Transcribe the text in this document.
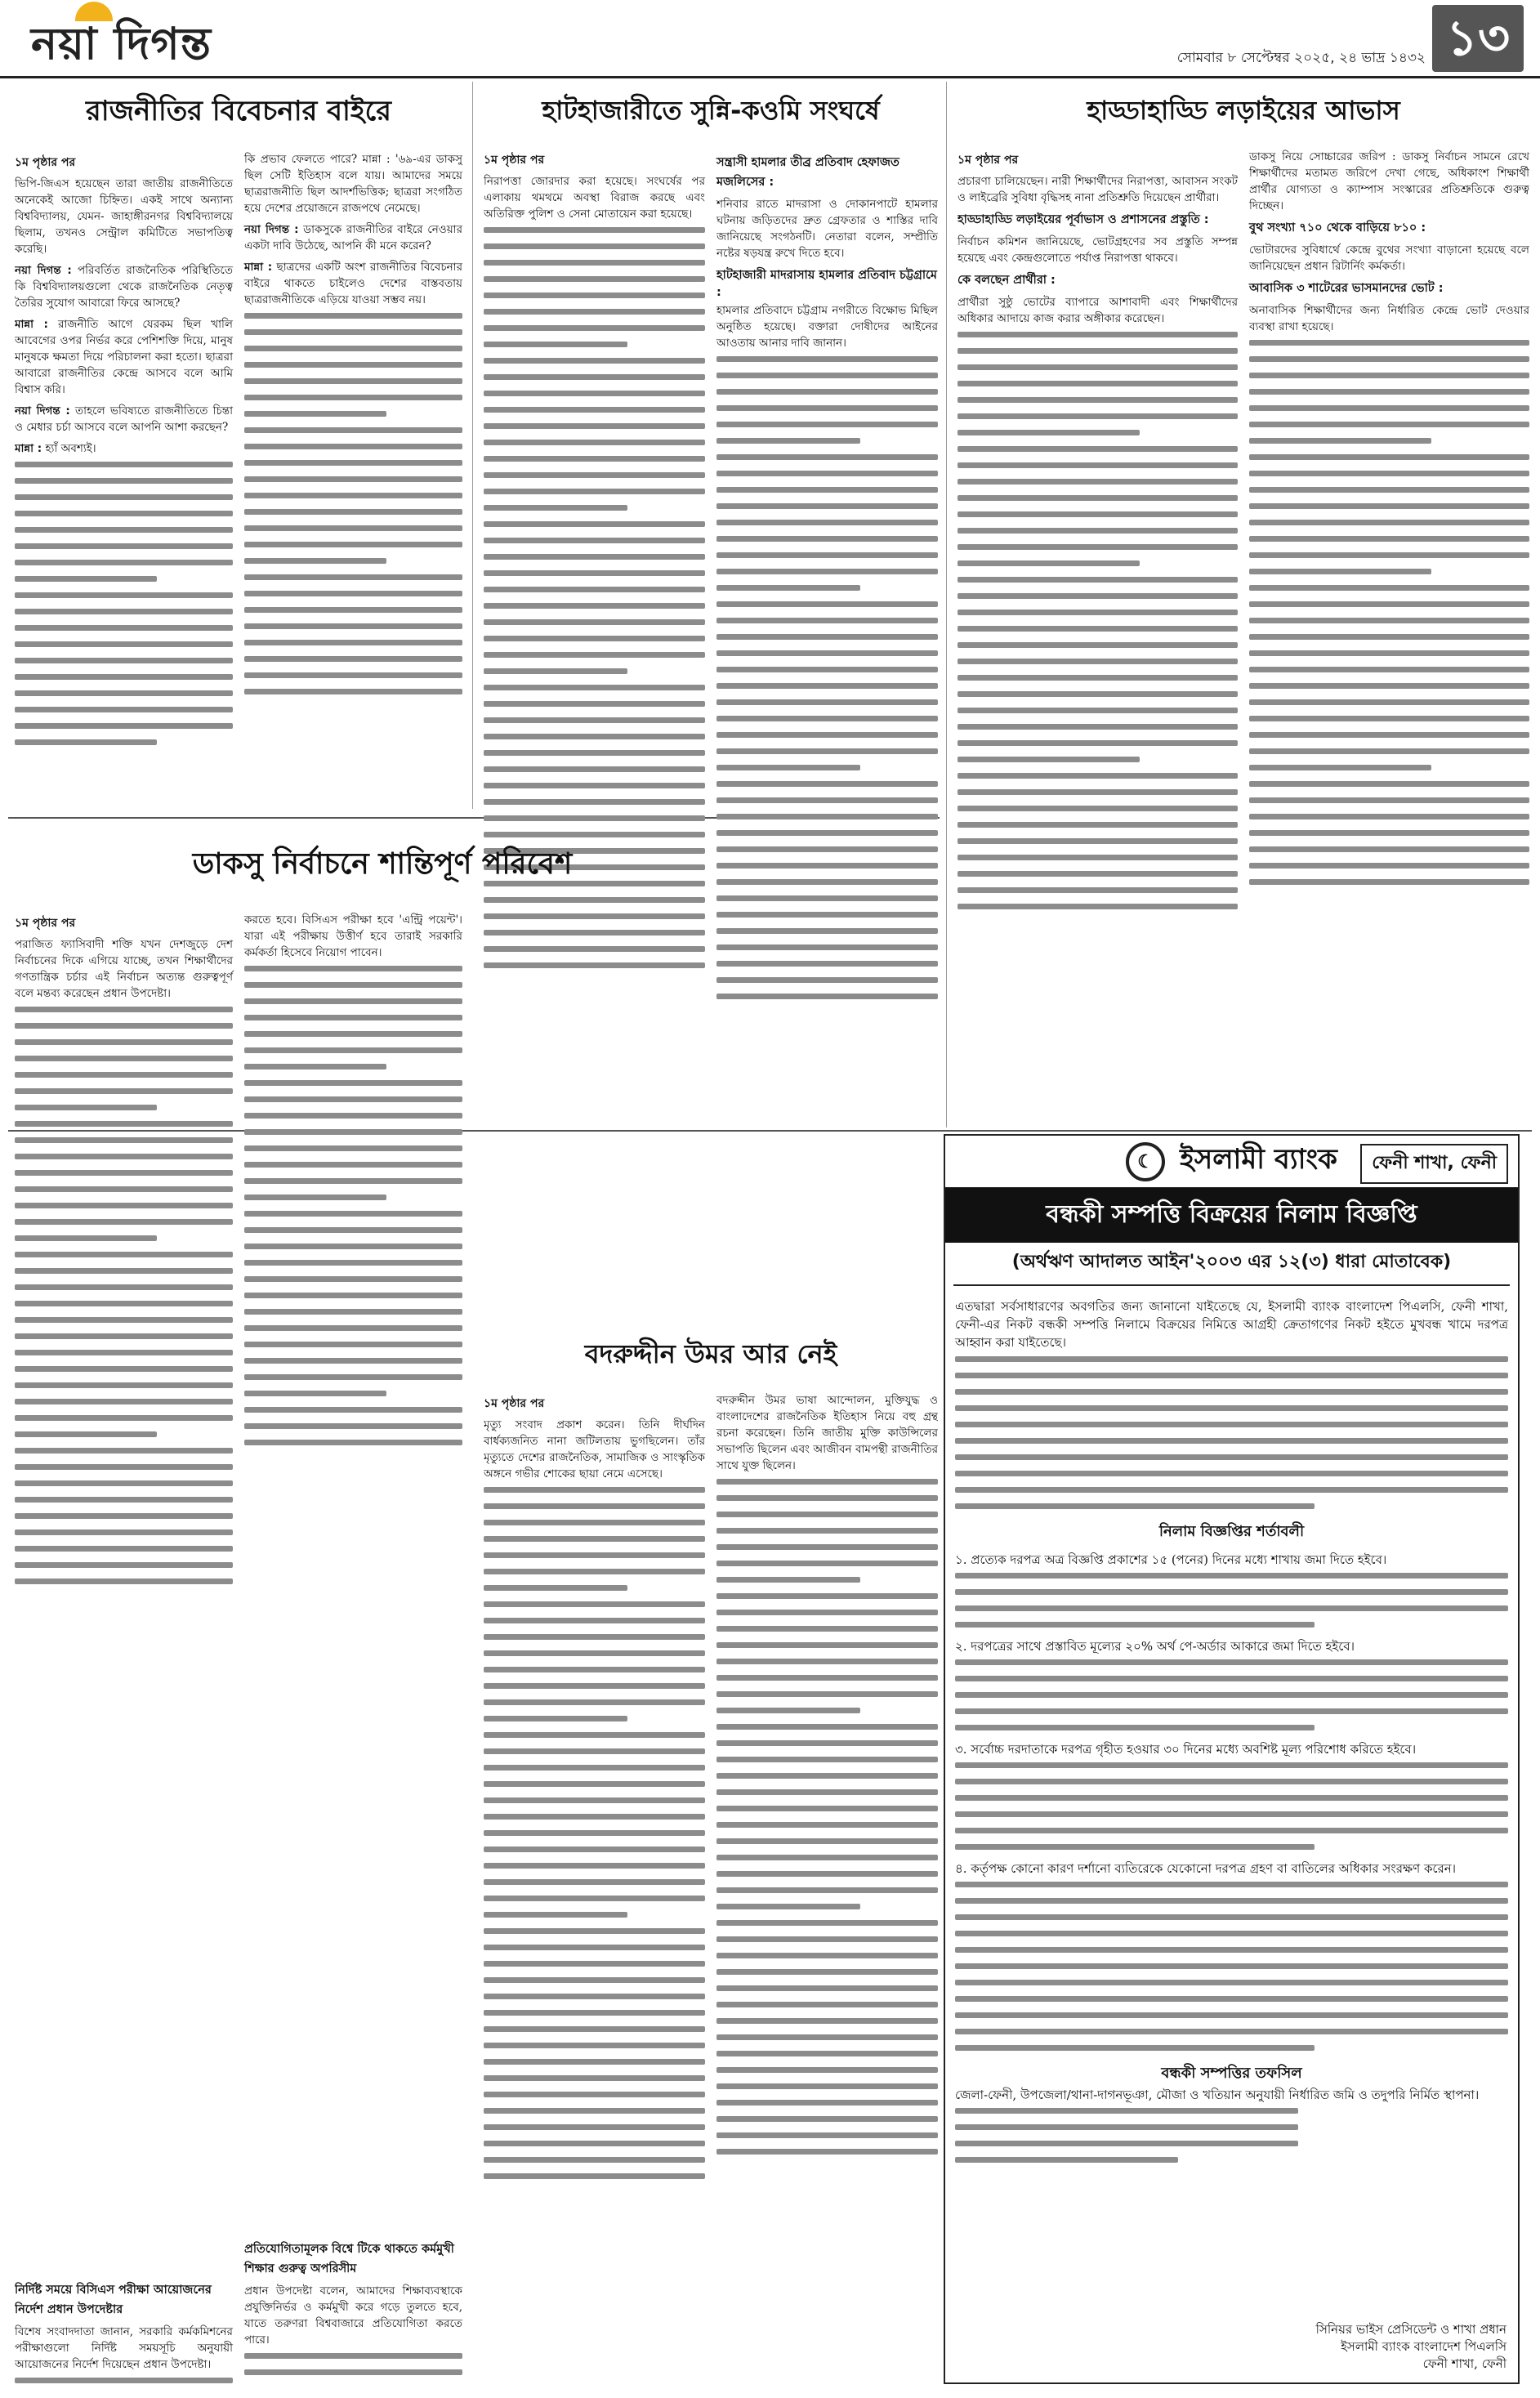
নয়া দিগন্ত	সোমবার ৮ সেপ্টেম্বর ২০২৫, ২৪ ভাদ্র ১৪৩২ ১৩
রাজনীতির বিবেচনার বাইরে
১ম পৃষ্ঠার পর

ভিপি-জিএস হয়েছেন তারা জাতীয় রাজনীতিতে অনেকেই আজো চিহ্নিত। একই সাথে অন্যান্য বিশ্ববিদ্যালয়, যেমন- জাহাঙ্গীরনগর বিশ্ববিদ্যালয়ে ছিলাম, তখনও সেন্ট্রাল কমিটিতে সভাপতিত্ব করেছি।

নয়া দিগন্ত : পরিবর্তিত রাজনৈতিক পরিস্থিতিতে কি বিশ্ববিদ্যালয়গুলো থেকে রাজনৈতিক নেতৃত্ব তৈরির সুযোগ আবারো ফিরে আসছে?

মান্না : রাজনীতি আগে যেরকম ছিল খালি আবেগের ওপর নির্ভর করে পেশিশক্তি দিয়ে, মানুষ মানুষকে ক্ষমতা দিয়ে পরিচালনা করা হতো। ছাত্ররা আবারো রাজনীতির কেন্দ্রে আসবে বলে আমি বিশ্বাস করি।

নয়া দিগন্ত : তাহলে ভবিষ্যতে রাজনীতিতে চিন্তা ও মেধার চর্চা আসবে বলে আপনি আশা করছেন?

মান্না : হ্যাঁ অবশ্যই।

কি প্রভাব ফেলতে পারে? মান্না : '৬৯-এর ডাকসু ছিল সেটি ইতিহাস বলে যায়। আমাদের সময়ে ছাত্ররাজনীতি ছিল আদর্শভিত্তিক; ছাত্ররা সংগঠিত হয়ে দেশের প্রয়োজনে রাজপথে নেমেছে।

নয়া দিগন্ত : ডাকসুকে রাজনীতির বাইরে নেওয়ার একটা দাবি উঠেছে, আপনি কী মনে করেন?

মান্না : ছাত্রদের একটি অংশ রাজনীতির বিবেচনার বাইরে থাকতে চাইলেও দেশের বাস্তবতায় ছাত্ররাজনীতিকে এড়িয়ে যাওয়া সম্ভব নয়।

হাটহাজারীতে সুন্নি-কওমি সংঘর্ষে
১ম পৃষ্ঠার পর

নিরাপত্তা জোরদার করা হয়েছে। সংঘর্ষের পর এলাকায় থমথমে অবস্থা বিরাজ করছে এবং অতিরিক্ত পুলিশ ও সেনা মোতায়েন করা হয়েছে।

সন্ত্রাসী হামলার তীব্র প্রতিবাদ হেফাজত মজলিসের :

শনিবার রাতে মাদরাসা ও দোকানপাটে হামলার ঘটনায় জড়িতদের দ্রুত গ্রেফতার ও শাস্তির দাবি জানিয়েছে সংগঠনটি। নেতারা বলেন, সম্প্রীতি নষ্টের ষড়যন্ত্র রুখে দিতে হবে।

হাটহাজারী মাদরাসায় হামলার প্রতিবাদ চট্টগ্রামে :

হামলার প্রতিবাদে চট্টগ্রাম নগরীতে বিক্ষোভ মিছিল অনুষ্ঠিত হয়েছে। বক্তারা দোষীদের আইনের আওতায় আনার দাবি জানান।

হাড্ডাহাড্ডি লড়াইয়ের আভাস
১ম পৃষ্ঠার পর

প্রচারণা চালিয়েছেন। নারী শিক্ষার্থীদের নিরাপত্তা, আবাসন সংকট ও লাইব্রেরি সুবিধা বৃদ্ধিসহ নানা প্রতিশ্রুতি দিয়েছেন প্রার্থীরা।

হাড্ডাহাড্ডি লড়াইয়ের পূর্বাভাস ও প্রশাসনের প্রস্তুতি :

নির্বাচন কমিশন জানিয়েছে, ভোটগ্রহণের সব প্রস্তুতি সম্পন্ন হয়েছে এবং কেন্দ্রগুলোতে পর্যাপ্ত নিরাপত্তা থাকবে।

কে বলছেন প্রার্থীরা :

প্রার্থীরা সুষ্ঠু ভোটের ব্যাপারে আশাবাদী এবং শিক্ষার্থীদের অধিকার আদায়ে কাজ করার অঙ্গীকার করেছেন।

ডাকসু নিয়ে সোচ্চারের জরিপ : ডাকসু নির্বাচন সামনে রেখে শিক্ষার্থীদের মতামত জরিপে দেখা গেছে, অধিকাংশ শিক্ষার্থী প্রার্থীর যোগ্যতা ও ক্যাম্পাস সংস্কারের প্রতিশ্রুতিকে গুরুত্ব দিচ্ছেন।

বুথ সংখ্যা ৭১০ থেকে বাড়িয়ে ৮১০ :

ভোটারদের সুবিধার্থে কেন্দ্রে বুথের সংখ্যা বাড়ানো হয়েছে বলে জানিয়েছেন প্রধান রিটার্নিং কর্মকর্তা।

আবাসিক ৩ শাটেরের ভাসমানদের ভোট :

অনাবাসিক শিক্ষার্থীদের জন্য নির্ধারিত কেন্দ্রে ভোট দেওয়ার ব্যবস্থা রাখা হয়েছে।

ডাকসু নির্বাচনে শান্তিপূর্ণ পরিবেশ
১ম পৃষ্ঠার পর

পরাজিত ফ্যাসিবাদী শক্তি যখন দেশজুড়ে দেশ নির্বাচনের দিকে এগিয়ে যাচ্ছে, তখন শিক্ষার্থীদের গণতান্ত্রিক চর্চার এই নির্বাচন অত্যন্ত গুরুত্বপূর্ণ বলে মন্তব্য করেছেন প্রধান উপদেষ্টা।

নির্দিষ্ট সময়ে বিসিএস পরীক্ষা আয়োজনের নির্দেশ প্রধান উপদেষ্টার

বিশেষ সংবাদদাতা জানান, সরকারি কর্মকমিশনের পরীক্ষাগুলো নির্দিষ্ট সময়সূচি অনুযায়ী আয়োজনের নির্দেশ দিয়েছেন প্রধান উপদেষ্টা।

করতে হবে। বিসিএস পরীক্ষা হবে 'এন্ট্রি পয়েন্ট'। যারা এই পরীক্ষায় উত্তীর্ণ হবে তারাই সরকারি কর্মকর্তা হিসেবে নিয়োগ পাবেন।

প্রতিযোগিতামূলক বিশ্বে টিকে থাকতে কর্মমুখী শিক্ষার গুরুত্ব অপরিসীম

প্রধান উপদেষ্টা বলেন, আমাদের শিক্ষাব্যবস্থাকে প্রযুক্তিনির্ভর ও কর্মমুখী করে গড়ে তুলতে হবে, যাতে তরুণরা বিশ্ববাজারে প্রতিযোগিতা করতে পারে।

বদরুদ্দীন উমর আর নেই
১ম পৃষ্ঠার পর

মৃত্যু সংবাদ প্রকাশ করেন। তিনি দীর্ঘদিন বার্ধক্যজনিত নানা জটিলতায় ভুগছিলেন। তাঁর মৃত্যুতে দেশের রাজনৈতিক, সামাজিক ও সাংস্কৃতিক অঙ্গনে গভীর শোকের ছায়া নেমে এসেছে।

বদরুদ্দীন উমর ভাষা আন্দোলন, মুক্তিযুদ্ধ ও বাংলাদেশের রাজনৈতিক ইতিহাস নিয়ে বহু গ্রন্থ রচনা করেছেন। তিনি জাতীয় মুক্তি কাউন্সিলের সভাপতি ছিলেন এবং আজীবন বামপন্থী রাজনীতির সাথে যুক্ত ছিলেন।

☾ ইসলামী ব্যাংক	ফেনী শাখা, ফেনী
বন্ধকী সম্পত্তি বিক্রয়ের নিলাম বিজ্ঞপ্তি
(অর্থঋণ আদালত আইন'২০০৩ এর ১২(৩) ধারা মোতাবেক)

এতদ্বারা সর্বসাধারণের অবগতির জন্য জানানো যাইতেছে যে, ইসলামী ব্যাংক বাংলাদেশ পিএলসি, ফেনী শাখা, ফেনী-এর নিকট বন্ধকী সম্পত্তি নিলামে বিক্রয়ের নিমিত্তে আগ্রহী ক্রেতাগণের নিকট হইতে মুখবন্ধ খামে দরপত্র আহ্বান করা যাইতেছে।

নিলাম বিজ্ঞপ্তির শর্তাবলী

১. প্রত্যেক দরপত্র অত্র বিজ্ঞপ্তি প্রকাশের ১৫ (পনের) দিনের মধ্যে শাখায় জমা দিতে হইবে।

২. দরপত্রের সাথে প্রস্তাবিত মূল্যের ২০% অর্থ পে-অর্ডার আকারে জমা দিতে হইবে।

৩. সর্বোচ্চ দরদাতাকে দরপত্র গৃহীত হওয়ার ৩০ দিনের মধ্যে অবশিষ্ট মূল্য পরিশোধ করিতে হইবে।

৪. কর্তৃপক্ষ কোনো কারণ দর্শানো ব্যতিরেকে যেকোনো দরপত্র গ্রহণ বা বাতিলের অধিকার সংরক্ষণ করেন।

বন্ধকী সম্পত্তির তফসিল

জেলা-ফেনী, উপজেলা/থানা-দাগনভূঞা, মৌজা ও খতিয়ান অনুযায়ী নির্ধারিত জমি ও তদুপরি নির্মিত স্থাপনা।

সিনিয়র ভাইস প্রেসিডেন্ট ও শাখা প্রধান
ইসলামী ব্যাংক বাংলাদেশ পিএলসি
ফেনী শাখা, ফেনী
